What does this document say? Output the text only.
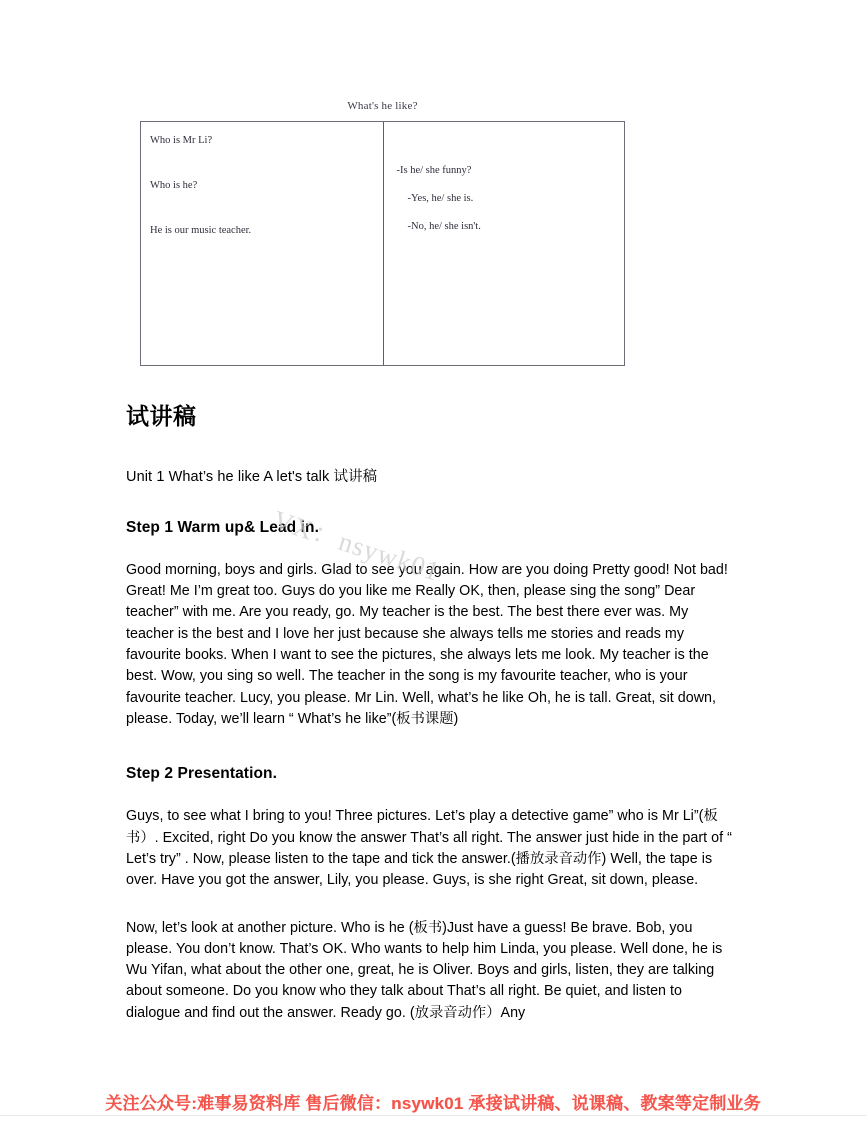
What's he like?

Who is Mr Li?

Who is he?

He is our music teacher.

-Is he/ she funny?

-Yes, he/ she is.

-No, he/ she isn't.

试讲稿

Unit 1 What’s he like A let's talk 试讲稿

Step 1 Warm up& Lead in.

Good morning, boys and girls. Glad to see you again. How are you doing Pretty good! Not bad! Great! Me I’m great too. Guys do you like me Really OK, then, please sing the song” Dear teacher” with me. Are you ready, go. My teacher is the best. The best there ever was. My teacher is the best and I love her just because she always tells me stories and reads my favourite books. When I want to see the pictures, she always lets me look. My teacher is the best. Wow, you sing so well. The teacher in the song is my favourite teacher, who is your favourite teacher. Lucy, you please. Mr Lin. Well, what’s he like Oh, he is tall. Great, sit down, please. Today, we’ll learn “ What’s he like”(板书课题)

Step 2 Presentation.

Guys, to see what I bring to you! Three pictures. Let’s play a detective game” who is Mr Li”(板书）. Excited, right Do you know the answer That’s all right. The answer just hide in the part of “ Let’s try” . Now, please listen to the tape and tick the answer.(播放录音动作) Well, the tape is over. Have you got the answer, Lily, you please. Guys, is she right Great, sit down, please.

Now, let’s look at another picture. Who is he (板书)Just have a guess! Be brave. Bob, you please. You don’t know. That’s OK. Who wants to help him Linda, you please. Well done, he is Wu Yifan, what about the other one, great, he is Oliver. Boys and girls, listen, they are talking about someone. Do you know who they talk about That’s all right. Be quiet, and listen to dialogue and find out the answer. Ready go. (放录音动作）Any

VX：nsywk01
关注公众号:难事易资料库 售后微信：nsywk01 承接试讲稿、说课稿、教案等定制业务
